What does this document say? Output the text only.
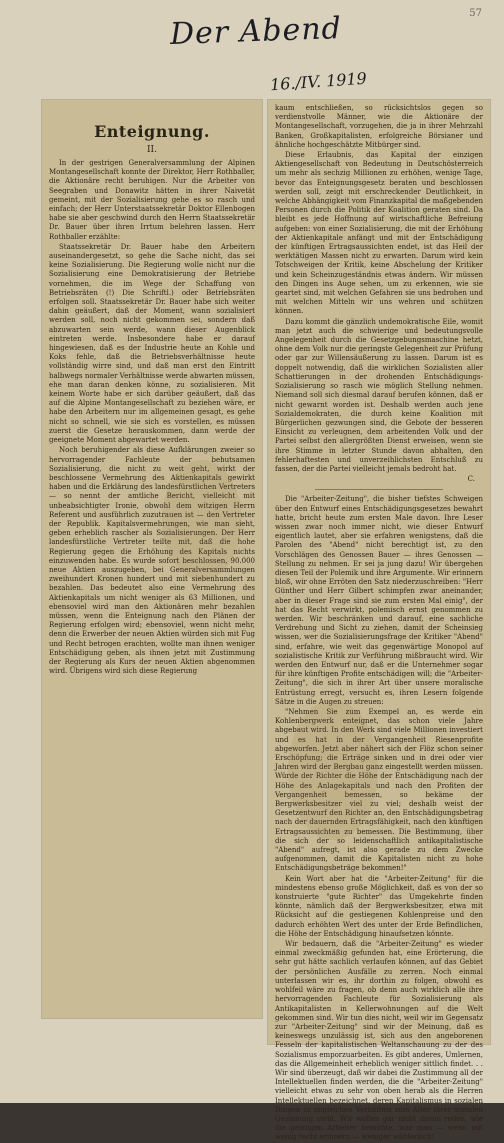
Der Abend
16./IV. 1919
57
Enteignung.
II.

In der gestrigen Generalversammlung der Alpinen Montangesellschaft konnte der Direktor, Herr Rothballer, die Aktionäre recht beruhigen. Nur die Arbeiter von Seegraben und Donawitz hätten in ihrer Naivetät gemeint, mit der Sozialisierung gehe es so rasch und einfach; der Herr Unterstaatssekretär Doktor Ellenbogen habe sie aber geschwind durch den Herrn Staatssekretär Dr. Bauer über ihren Irrtum belehren lassen. Herr Rothballer erzählte:

Staatssekretär Dr. Bauer habe den Arbeitern auseinandergesetzt, so gehe die Sache nicht, das sei keine Sozialisierung. Die Regierung wolle nicht nur die Sozialisierung eine Demokratisierung der Betriebe vornehmen, die im Wege der Schaffung von Betriebsräten (!) Die Schriftl.) oder Betriebsräten erfolgen soll. Staatssekretär Dr. Bauer habe sich weiter dahin geäußert, daß der Moment, wann sozialisiert werden soll, noch nicht gekommen sei, sondern daß abzuwarten sein werde, wann dieser Augenblick eintreten werde. Insbesondere habe er darauf hingewiesen, daß es der Industrie heute an Kohle und Koks fehle, daß die Betriebsverhältnisse heute vollständig wirre sind, und daß man erst den Eintritt halbwegs normaler Verhältnisse werde abwarten müssen, ehe man daran denken könne, zu sozialisieren. Mit keinem Worte habe er sich darüber geäußert, daß das auf die Alpine Montangesellschaft zu beziehen wäre, er habe den Arbeitern nur im allgemeinen gesagt, es gehe nicht so schnell, wie sie sich es vorstellen, es müssen zuerst die Gesetze herauskommen, dann werde der geeignete Moment abgewartet werden.

Noch beruhigender als diese Aufklärungen zweier so hervorragender Fachleute der behutsamen Sozialisierung, die nicht zu weit geht, wirkt der beschlossene Vermehrung des Aktienkapitals gewirkt haben und die Erklärung des landesfürstlichen Vertreters — so nennt der amtliche Bericht, vielleicht mit unbeabsichtigter Ironie, obwohl dem witzigen Herrn Referent und ausführlich zuzutrauen ist — den Vertreter der Republik. Kapitalsvermehrungen, wie man sieht, geben erheblich rascher als Sozialisierungen. Der Herr landesfürstliche Vertreter teilte mit, daß die hohe Regierung gegen die Erhöhung des Kapitals nichts einzuwenden habe. Es wurde sofort beschlossen, 90.000 neue Aktien auszugeben, bei Generalversammlungen zweihundert Kronen hundert und mit siebenhundert zu bezahlen. Das bedeutet also eine Vermehrung des Aktienkapitals um nicht weniger als 63 Millionen, und ebensoviel wird man den Aktionären mehr bezahlen müssen, wenn die Enteignung nach den Plänen der Regierung erfolgen wird; ebensoviel, wenn nicht mehr, denn die Erwerber der neuen Aktien würden sich mit Fug und Recht betrogen erachten, wollte man ihnen weniger Entschädigung geben, als ihnen jetzt mit Zustimmung der Regierung als Kurs der neuen Aktien abgenommen wird. Übrigens wird sich diese Regierung

kaum entschließen, so rücksichtslos gegen so verdienstvolle Männer, wie die Aktionäre der Montangesellschaft, vorzugehen, die ja in ihrer Mehrzahl Banken, Großkapitalisten, erfolgreiche Börsianer und ähnliche hochgeschätzte Mitbürger sind.

Diese Erlaubnis, das Kapital der einzigen Aktiengesellschaft von Bedeutung in Deutschösterreich um mehr als sechzig Millionen zu erhöhen, wenige Tage, bevor das Enteignungsgesetz beraten und beschlossen werden soll, zeigt mit erschreckender Deutlichkeit, in welche Abhängigkeit vom Finanzkapital die maßgebenden Personen durch die Politik der Koalition geraten sind. Da bleibt es jede Hoffnung auf wirtschaftliche Befreiung aufgeben: von einer Sozialisierung, die mit der Erhöhung der Aktienkapitale anfängt und mit der Entschädigung der künftigen Ertragsaussichten endet, ist das Heil der werktätigen Massen nicht zu erwarten. Darum wird kein Totschweigen der Kritik, keine Abschelung der Kritiker und kein Scheinzugeständnis etwas ändern. Wir müssen den Dingen ins Auge sehen, um zu erkennen, wie sie geartet sind, mit welchen Gefahren sie uns bedrohen und mit welchen Mitteln wir uns wehren und schützen können.

Dazu kommt die gänzlich undemokratische Eile, womit man jetzt auch die schwierige und bedeutungsvolle Angelegenheit durch die Gesetzgebungsmaschine hetzt, ohne dem Volk nur die geringste Gelegenheit zur Prüfung oder gar zur Willensäußerung zu lassen. Darum ist es doppelt notwendig, daß die wirklichen Sozialisten aller Schattierungen in der drohenden Entschädigungs-Sozialisierung so rasch wie möglich Stellung nehmen. Niemand soll sich diesmal darauf berufen können, daß er nicht gewarnt worden ist. Deshalb werden auch jene Sozialdemokraten, die durch keine Koalition mit Bürgerlichen gezwungen sind, die Gebote der besseren Einsicht zu verleugnen, dem arbeitenden Volk und der Partei selbst den allergrößten Dienst erweisen, wenn sie ihre Stimme in letzter Stunde davon abhalten, den fehlerhaftesten und unverzeihlichsten Entschluß zu fassen, der die Partei vielleicht jemals bedroht hat.

C.

Die "Arbeiter-Zeitung", die bisher tiefstes Schweigen über den Entwurf eines Entschädigungsgesetzes bewahrt hatte, bricht heute zum ersten Male davon. Ihre Leser wissen zwar noch immer nicht, wie dieser Entwurf eigentlich lautet, aber sie erfahren wenigstens, daß die Parolen des "Abend" nicht berechtigt ist, zu den Vorschlägen des Genossen Bauer — ihres Genossen — Stellung zu nehmen. Er sei ja jung dazu! Wir übergehen diesen Teil der Polemik und ihre Argumente. Wir erinnern bloß, wir ohne Erröten den Satz niederzuschreiben: "Herr Günther und Herr Gilbert schimpfen zwar aneinander, aber in dieser Frage sind sie zum ersten Mal einig", der hat das Recht verwirkt, polemisch ernst genommen zu werden. Wir beschränken und darauf, eine sachliche Verdrehung und Sicht zu ziehen, damit der Scheinsieg wissen, wer die Sozialisierungsfrage der Kritiker "Abend" sind, erfahre, wie weit das gegenwärtige Monopol auf sozialistische Kritik zur Verführung mißbraucht wird. Wir werden den Entwurf nur, daß er die Unternehmer sogar für ihre künftigen Profite entschädigen will; die "Arbeiter-Zeitung", die sich in ihrer Art über unsere moralische Entrüstung erregt, versucht es, ihren Lesern folgende Sätze in die Augen zu streuen:

"Nehmen Sie zum Exempel an, es werde ein Kohlenbergwerk enteignet, das schon viele Jahre abgebaut wird. In den Werk sind viele Millionen investiert und es hat in der Vergangenheit Riesenprofite abgeworfen. Jetzt aber nähert sich der Flöz schon seiner Erschöpfung; die Erträge sinken und in drei oder vier Jahren wird der Bergbau ganz eingestellt werden müssen. Würde der Richter die Höhe der Entschädigung nach der Höhe des Anlagekapitals und nach den Profiten der Vergangenheit bemessen, so bekäme der Bergwerksbesitzer viel zu viel; deshalb weist der Gesetzentwurf den Richter an, den Entschädigungsbetrag nach der dauernden Ertragsfähigkeit, nach den künftigen Ertragsaussichten zu bemessen. Die Bestimmung, über die sich der so leidenschaftlich antikapitalistische "Abend" aufregt, ist also gerade zu dem Zwecke aufgenommen, damit die Kapitalisten nicht zu hohe Entschädigungsbeträge bekommen!"

Kein Wort aber hat die "Arbeiter-Zeitung" für die mindestens ebenso große Möglichkeit, daß es von der so konstruierte "gute Richter" das Umgekehrte finden könnte, nämlich daß der Bergwerksbesitzer, etwa mit Rücksicht auf die gestiegenen Kohlenpreise und den dadurch erhöhten Wert des unter der Erde Befindlichen, die Höhe der Entschädigung hinaufsetzen könnte.

Wir bedauern, daß die "Arbeiter-Zeitung" es wieder einmal zweckmäßig gefunden hat, eine Erörterung, die sehr gut hätte sachlich verlaufen können, auf das Gebiet der persönlichen Ausfälle zu zerren. Noch einmal unterlassen wir es, ihr dorthin zu folgen, obwohl es wohlfeil wäre zu fragen, ob denn auch wirklich alle ihre hervorragenden Fachleute für Sozialisierung als Antikapitalisten in Kellerwohnungen auf die Welt gekommen sind. Wir tun dies nicht, weil wir im Gegensatz zur "Arbeiter-Zeitung" sind wir der Meinung, daß es keineswegs unzulässig ist, sich aus den angeborenen Fesseln der kapitalistischen Weltanschauung zu der des Sozialismus emporzuarbeiten. Es gibt anderes, Umlernen, das die Allgemeinheit erheblich weniger sittlich findet. . . Wir sind überzeugt, daß wir dabei die Zustimmung all der Intellektuellen finden werden, die die "Arbeiter-Zeitung" vielleicht etwas zu sehr von oben herab als die Herren Intellektuellen bezeichnet, deren Kapitalismus in sozialen Dingen in ungleichen Verhältnis zum Alter ihrer sozialen Gesinnung steht. Wir wollen gar nicht davon reden, wie die geistigen Arbeiter bemühte, war man — wenn mit wenig recht erinnern — weniger wählerisch!
